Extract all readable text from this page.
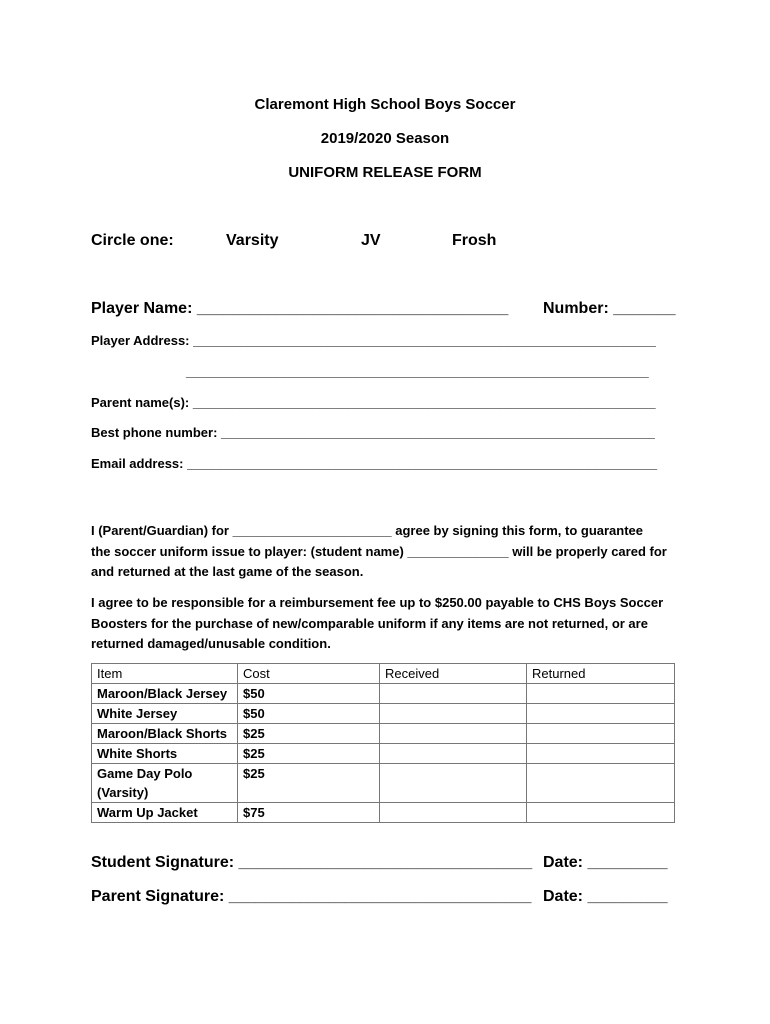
Claremont High School Boys Soccer
2019/2020 Season
UNIFORM RELEASE FORM
Circle one:	Varsity	JV	Frosh
Player Name: ___________________________________ Number: _______
Player Address: ________________________________________________________________
________________________________________________________________
Parent name(s): ________________________________________________________________
Best phone number: ____________________________________________________________
Email address: _________________________________________________________________
I (Parent/Guardian) for ______________________ agree by signing this form, to guarantee
the soccer uniform issue to player: (student name) ______________ will be properly cared for
and returned at the last game of the season.
I agree to be responsible for a reimbursement fee up to $250.00 payable to CHS Boys Soccer
Boosters for the purchase of new/comparable uniform if any items are not returned, or are
returned damaged/unusable condition.
Item	Cost	Received	Returned
Maroon/Black Jersey	$50		
White Jersey	$50		
Maroon/Black Shorts	$25		
White Shorts	$25		
Game Day Polo
(Varsity)	$25		
Warm Up Jacket	$75		
Student Signature: _________________________________ Date: _________
Parent Signature: __________________________________ Date: _________
